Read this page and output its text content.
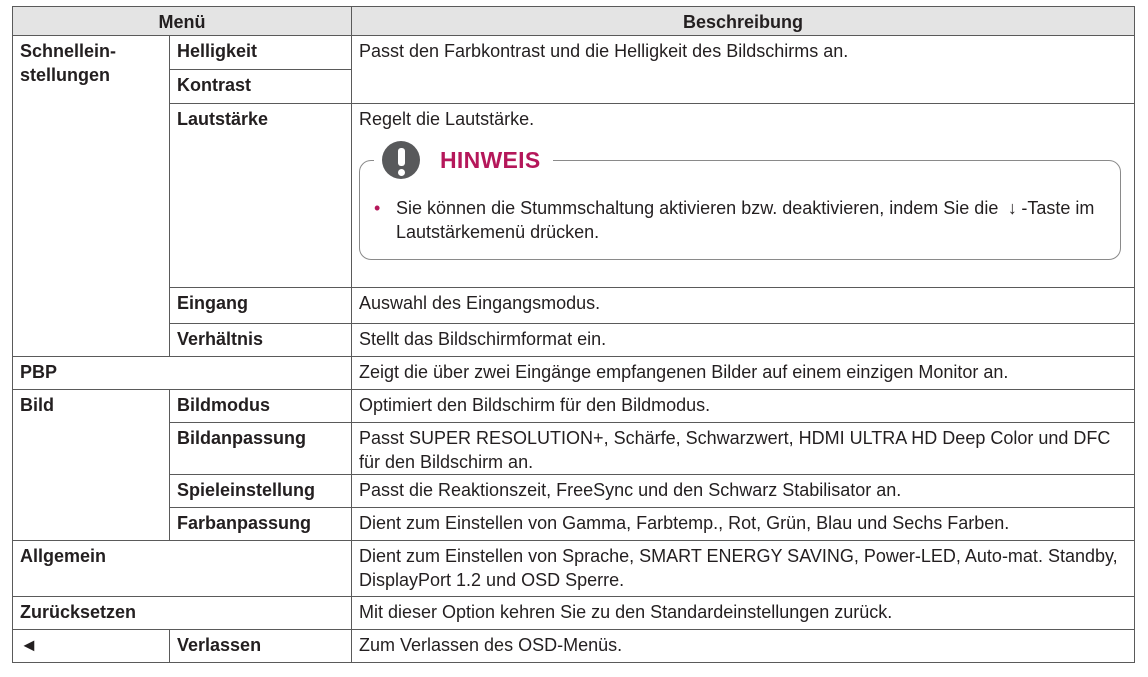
Menü		Beschreibung

Schnellein-stellungen	Helligkeit	Passt den Farbkontrast und die Helligkeit des Bildschirms an.
	Kontrast	
	Lautstärke	Regelt die Lautstärke.
HINWEIS
• Sie können die Stummschaltung aktivieren bzw. deaktivieren, indem Sie die ↓ -Taste im Lautstärkemenü drücken.

	Eingang	Auswahl des Eingangsmodus.
	Verhältnis	Stellt das Bildschirmformat ein.
PBP		Zeigt die über zwei Eingänge empfangenen Bilder auf einem einzigen Monitor an.
Bild	Bildmodus	Optimiert den Bildschirm für den Bildmodus.
	Bildanpassung	Passt SUPER RESOLUTION+, Schärfe, Schwarzwert, HDMI ULTRA HD Deep Color und DFC für den Bildschirm an.
	Spieleinstellung	Passt die Reaktionszeit, FreeSync und den Schwarz Stabilisator an.
	Farbanpassung	Dient zum Einstellen von Gamma, Farbtemp., Rot, Grün, Blau und Sechs Farben.
Allgemein		Dient zum Einstellen von Sprache, SMART ENERGY SAVING, Power-LED, Auto-mat. Standby, DisplayPort 1.2 und OSD Sperre.
Zurücksetzen		Mit dieser Option kehren Sie zu den Standardeinstellungen zurück.
◄	Verlassen	Zum Verlassen des OSD-Menüs.
